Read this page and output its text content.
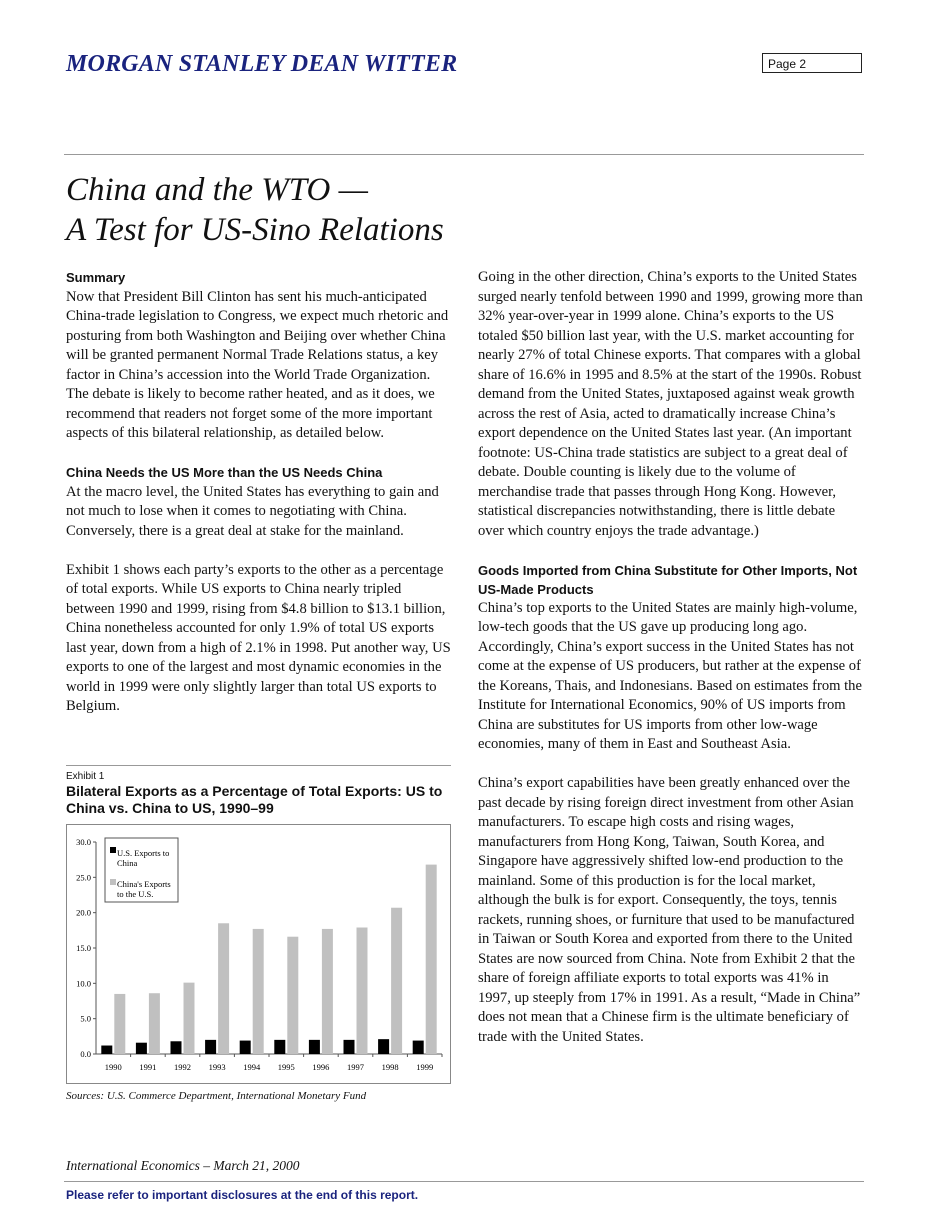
MORGAN STANLEY DEAN WITTER	Page 2
China and the WTO —
A Test for US-Sino Relations

Summary

Now that President Bill Clinton has sent his much-anticipated China-trade legislation to Congress, we expect much rhetoric and posturing from both Washington and Beijing over whether China will be granted permanent Normal Trade Relations status, a key factor in China’s accession into the World Trade Organization. The debate is likely to become rather heated, and as it does, we recommend that readers not forget some of the more important aspects of this bilateral relationship, as detailed below.

China Needs the US More than the US Needs China

At the macro level, the United States has everything to gain and not much to lose when it comes to negotiating with China. Conversely, there is a great deal at stake for the mainland.

Exhibit 1 shows each party’s exports to the other as a percentage of total exports. While US exports to China nearly tripled between 1990 and 1999, rising from $4.8 billion to $13.1 billion, China nonetheless accounted for only 1.9% of total US exports last year, down from a high of 2.1% in 1998. Put another way, US exports to one of the largest and most dynamic economies in the world in 1999 were only slightly larger than total US exports to Belgium.

Exhibit 1
Bilateral Exports as a Percentage of Total Exports: US to China vs. China to US, 1990–99
0.0
5.0
10.0
15.0
20.0
25.0
30.0
1990 1991 1992 1993 1994 1995 1996 1997 1998 1999
U.S. Exports to
China
China's Exports
to the U.S.
Sources: U.S. Commerce Department, International Monetary Fund

Going in the other direction, China’s exports to the United States surged nearly tenfold between 1990 and 1999, growing more than 32% year-over-year in 1999 alone. China’s exports to the US totaled $50 billion last year, with the U.S. market accounting for nearly 27% of total Chinese exports. That compares with a global share of 16.6% in 1995 and 8.5% at the start of the 1990s. Robust demand from the United States, juxtaposed against weak growth across the rest of Asia, acted to dramatically increase China’s export dependence on the United States last year. (An important footnote: US-China trade statistics are subject to a great deal of debate. Double counting is likely due to the volume of merchandise trade that passes through Hong Kong. However, statistical discrepancies notwithstanding, there is little debate over which country enjoys the trade advantage.)

Goods Imported from China Substitute for Other Imports, Not US-Made Products

China’s top exports to the United States are mainly high-volume, low-tech goods that the US gave up producing long ago. Accordingly, China’s export success in the United States has not come at the expense of US producers, but rather at the expense of the Koreans, Thais, and Indonesians. Based on estimates from the Institute for International Economics, 90% of US imports from China are substitutes for US imports from other low-wage economies, many of them in East and Southeast Asia.

China’s export capabilities have been greatly enhanced over the past decade by rising foreign direct investment from other Asian manufacturers. To escape high costs and rising wages, manufacturers from Hong Kong, Taiwan, South Korea, and Singapore have aggressively shifted low-end production to the mainland. Some of this production is for the local market, although the bulk is for export. Consequently, the toys, tennis rackets, running shoes, or furniture that used to be manufactured in Taiwan or South Korea and exported from there to the United States are now sourced from China. Note from Exhibit 2 that the share of foreign affiliate exports to total exports was 41% in 1997, up steeply from 17% in 1991. As a result, “Made in China” does not mean that a Chinese firm is the ultimate beneficiary of trade with the United States.

International Economics – March 21, 2000
Please refer to important disclosures at the end of this report.
